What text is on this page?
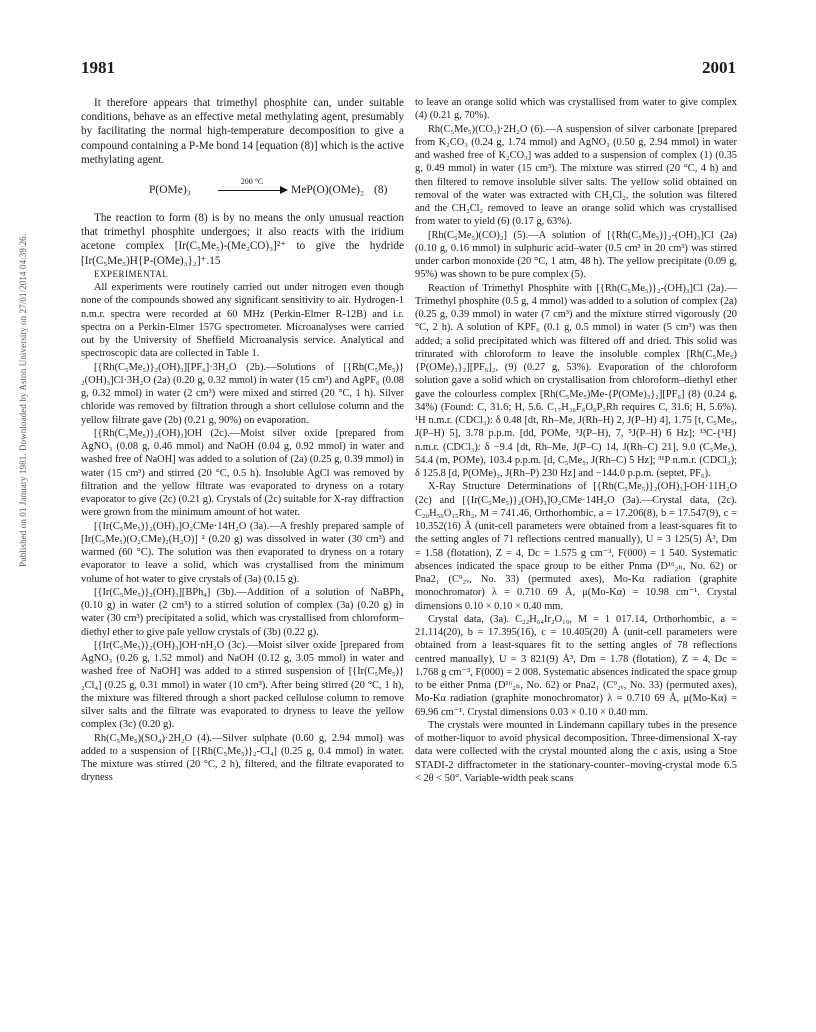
Published on 01 January 1981. Downloaded by Aston University on 27/01/2014 04:39:26.
1981	2001

It therefore appears that trimethyl phosphite can, under suitable conditions, behave as an effective metal methylating agent, presumably by facilitating the normal high-temperature decomposition to give a compound containing a P-Me bond 14 [equation (8)] which is the active methylating agent.

P(OMe)₃
200 °C
MeP(O)(OMe)₂ (8)

The reaction to form (8) is by no means the only unusual reaction that trimethyl phosphite undergoes; it also reacts with the iridium acetone complex [Ir(C₅Me₅)-(Me₂CO)₃]²⁺ to give the hydride [Ir(C₅Me₅)H{P-(OMe)₃}₂]⁺.15

EXPERIMENTAL

All experiments were routinely carried out under nitrogen even though none of the compounds showed any significant sensitivity to air. Hydrogen-1 n.m.r. spectra were recorded at 60 MHz (Perkin-Elmer R-12B) and i.r. spectra on a Perkin-Elmer 157G spectrometer. Microanalyses were carried out by the University of Sheffield Microanalysis service. Analytical and spectroscopic data are collected in Table 1.

[{Rh(C₅Me₅)}₂(OH)₃][PF₆]·3H₂O (2b).—Solutions of [{Rh(C₅Me₅)}₂(OH)₃]Cl·3H₂O (2a) (0.20 g, 0.32 mmol) in water (15 cm³) and AgPF₆ (0.08 g, 0.32 mmol) in water (2 cm³) were mixed and stirred (20 °C, 1 h). Silver chloride was removed by filtration through a short cellulose column and the yellow filtrate gave (2b) (0.21 g, 90%) on evaporation.

[{Rh(C₅Me₅)}₂(OH)₃]OH (2c).—Moist silver oxide [prepared from AgNO₃ (0.08 g, 0.46 mmol) and NaOH (0.04 g, 0.92 mmol) in water and washed free of NaOH] was added to a solution of (2a) (0.25 g, 0.39 mmol) in water (15 cm³) and stirred (20 °C, 0.5 h). Insoluble AgCl was removed by filtration and the yellow filtrate was evaporated to dryness on a rotary evaporator to give (2c) (0.21 g). Crystals of (2c) suitable for X-ray diffraction were grown from the minimum amount of hot water.

[{Ir(C₅Me₅)}₂(OH)₃]O₂CMe·14H₂O (3a).—A freshly prepared sample of [Ir(C₅Me₅)(O₂CMe)₂(H₂O)] ² (0.20 g) was dissolved in water (30 cm³) and warmed (60 °C). The solution was then evaporated to dryness on a rotary evaporator to leave a solid, which was crystallised from the minimum volume of hot water to give crystals of (3a) (0.15 g).

[{Ir(C₅Me₅)}₂(OH)₃][BPh₄] (3b).—Addition of a solution of NaBPh₄ (0.10 g) in water (2 cm³) to a stirred solution of complex (3a) (0.20 g) in water (30 cm³) precipitated a solid, which was crystallised from chloroform–diethyl ether to give pale yellow crystals of (3b) (0.22 g).

[{Ir(C₅Me₅)}₂(OH)₃]OH·nH₂O (3c).—Moist silver oxide [prepared from AgNO₃ (0.26 g, 1.52 mmol) and NaOH (0.12 g, 3.05 mmol) in water and washed free of NaOH] was added to a stirred suspension of [{Ir(C₅Me₅)}₂Cl₄] (0.25 g, 0.31 mmol) in water (10 cm³). After being stirred (20 °C, 1 h), the mixture was filtered through a short packed cellulose column to remove silver salts and the filtrate was evaporated to dryness to leave the yellow complex (3c) (0.20 g).

Rh(C₅Me₅)(SO₄)·2H₂O (4).—Silver sulphate (0.60 g, 2.94 mmol) was added to a suspension of [{Rh(C₅Me₅)}₂-Cl₄] (0.25 g, 0.4 mmol) in water. The mixture was stirred (20 °C, 2 h), filtered, and the filtrate evaporated to dryness

to leave an orange solid which was crystallised from water to give complex (4) (0.21 g, 70%).

Rh(C₅Me₅)(CO₃)·2H₂O (6).—A suspension of silver carbonate [prepared from K₂CO₃ (0.24 g, 1.74 mmol) and AgNO₃ (0.50 g, 2.94 mmol) in water and washed free of K₂CO₃] was added to a suspension of complex (1) (0.35 g, 0.49 mmol) in water (15 cm³). The mixture was stirred (20 °C, 4 h) and then filtered to remove insoluble silver salts. The yellow solid obtained on removal of the water was extracted with CH₂Cl₂, the solution was filtered and the CH₂Cl₂ removed to leave an orange solid which was crystallised from water to yield (6) (0.17 g, 63%).

[Rh(C₅Me₅)(CO)₂] (5).—A solution of [{Rh(C₅Me₅)}₂-(OH)₃]Cl (2a) (0.10 g, 0.16 mmol) in sulphuric acid–water (0.5 cm³ in 20 cm³) was stirred under carbon monoxide (20 °C, 1 atm, 48 h). The yellow precipitate (0.09 g, 95%) was shown to be pure complex (5).

Reaction of Trimethyl Phosphite with [{Rh(C₅Me₅)}₂-(OH)₃]Cl (2a).—Trimethyl phosphite (0.5 g, 4 mmol) was added to a solution of complex (2a) (0.25 g, 0.39 mmol) in water (7 cm³) and the mixture stirred vigorously (20 °C, 2 h). A solution of KPF₆ (0.1 g, 0.5 mmol) in water (5 cm³) was then added; a solid precipitated which was filtered off and dried. This solid was triturated with chloroform to leave the insoluble complex [Rh(C₅Me₅){P(OMe)₃}₂][PF₆]₂, (9) (0.27 g, 53%). Evaporation of the chloroform solution gave a solid which on crystallisation from chloroform–diethyl ether gave the colourless complex [Rh(C₅Me₅)Me-{P(OMe)₃}₂][PF₆] (8) (0.24 g, 34%) (Found: C, 31.6; H, 5.6. C₁₇H₃₆F₆O₆P₃Rh requires C, 31.6; H, 5.6%). ¹H n.m.r. (CDCl₃): δ 0.48 [dt, Rh–Me, J(Rh–H) 2, J(P–H) 4], 1.75 [t, C₅Me₅, J(P–H) 5], 3.78 p.p.m. [dd, POMe, ³J(P–H), 7, ⁵J(P–H) 6 Hz]; ¹³C-{¹H} n.m.r. (CDCl₃): δ −9.4 [dt, Rh–Me, J(P–C) 14, J(Rh–C) 21], 9.0 (C₅Me₅), 54.4 (m, POMe), 103.4 p.p.m. [d, C₅Me₅, J(Rh–C) 5 Hz]; ³¹P n.m.r. (CDCl₃); δ 125.8 [d, P(OMe)₃, J(Rh–P) 230 Hz] and −144.0 p.p.m. (septet, PF₆).

X-Ray Structure Determinations of [{Rh(C₅Me₅)}₂(OH)₃]-OH·11H₂O (2c) and [{Ir(C₅Me₅)}₂(OH)₃]O₂CMe·14H₂O (3a).—Crystal data, (2c). C₂₀H₅₆O₁₅Rh₂, M = 741.46, Orthorhombic, a = 17.206(8), b = 17.547(9), c = 10.352(16) Å (unit-cell parameters were obtained from a least-squares fit to the setting angles of 71 reflections centred manually), U = 3 125(5) Å³, Dm = 1.58 (flotation), Z = 4, Dc = 1.575 g cm⁻³, F(000) = 1 540. Systematic absences indicated the space group to be either Pnma (D¹⁶₂ₕ, No. 62) or Pna2₁ (C⁹₂ᵥ, No. 33) (permuted axes), Mo-Kα radiation (graphite monochromator) λ = 0.710 69 Å, μ(Mo-Kα) = 10.98 cm⁻¹. Crystal dimensions 0.10 × 0.10 × 0.40 mm.

Crystal data, (3a). C₂₂H₆₄Ir₂O₁₉, M = 1 017.14, Orthorhombic, a = 21.114(20), b = 17.395(16), c = 10.405(20) Å (unit-cell parameters were obtained from a least-squares fit to the setting angles of 78 reflections centred manually), U = 3 821(9) Å³, Dm = 1.78 (flotation), Z = 4, Dc = 1.768 g cm⁻³, F(000) = 2 008. Systematic absences indicated the space group to be either Pnma (D¹⁶₂ₕ, No. 62) or Pna2₁ (C⁹₂ᵥ, No. 33) (permuted axes), Mo-Kα radiation (graphite monochromator) λ = 0.710 69 Å, μ(Mo-Kα) = 69.96 cm⁻¹. Crystal dimensions 0.03 × 0.10 × 0.40 mm.

The crystals were mounted in Lindemann capillary tubes in the presence of mother-liquor to avoid physical decomposition. Three-dimensional X-ray data were collected with the crystal mounted along the c axis, using a Stoe STADI-2 diffractometer in the stationary-counter–moving-crystal mode 6.5 < 2θ < 50°. Variable-width peak scans
